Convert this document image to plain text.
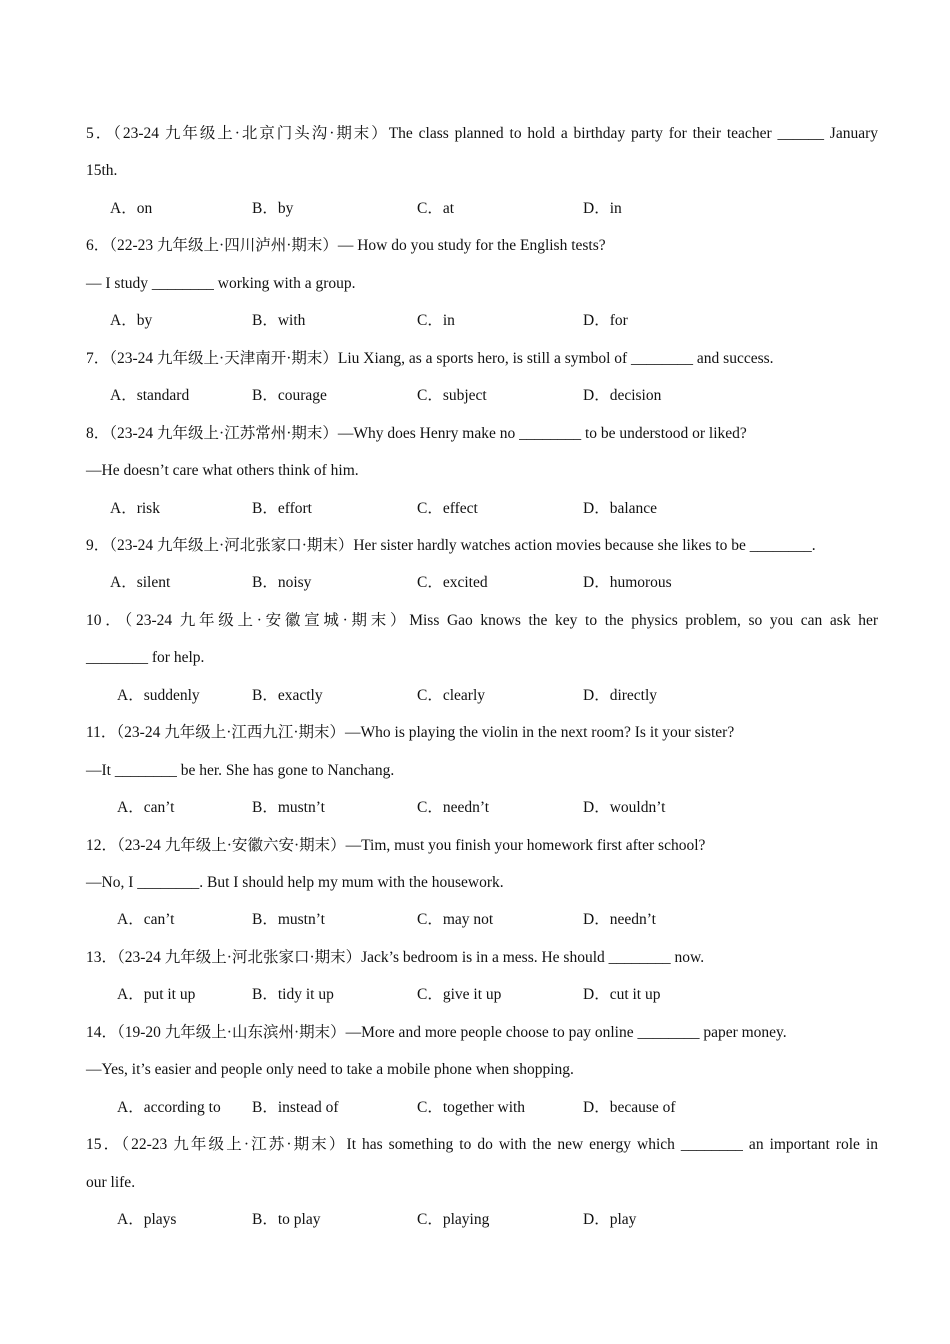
5．（23-24 九年级上·北京门头沟·期末）The class planned to hold a birthday party for their teacher ______ January
15th.
A．on	B．by	C．at	D．in
6．（22-23 九年级上·四川泸州·期末）— How do you study for the English tests?
— I study ________ working with a group.
A．by	B．with	C．in	D．for
7．（23-24 九年级上·天津南开·期末）Liu Xiang, as a sports hero, is still a symbol of ________ and success.
A．standard	B．courage	C．subject	D．decision
8．（23-24 九年级上·江苏常州·期末）—Why does Henry make no ________ to be understood or liked?
—He doesn’t care what others think of him.
A．risk	B．effort	C．effect	D．balance
9．（23-24 九年级上·河北张家口·期末）Her sister hardly watches action movies because she likes to be ________.
A．silent	B．noisy	C．excited	D．humorous
10．（23-24 九年级上·安徽宣城·期末）Miss Gao knows the key to the physics problem, so you can ask her
________ for help.
A．suddenly	B．exactly	C．clearly	D．directly
11．（23-24 九年级上·江西九江·期末）—Who is playing the violin in the next room? Is it your sister?
—It ________ be her. She has gone to Nanchang.
A．can’t	B．mustn’t	C．needn’t	D．wouldn’t
12．（23-24 九年级上·安徽六安·期末）—Tim, must you finish your homework first after school?
—No, I ________. But I should help my mum with the housework.
A．can’t	B．mustn’t	C．may not	D．needn’t
13．（23-24 九年级上·河北张家口·期末）Jack’s bedroom is in a mess. He should ________ now.
A．put it up	B．tidy it up	C．give it up	D．cut it up
14．（19-20 九年级上·山东滨州·期末）—More and more people choose to pay online ________ paper money.
—Yes, it’s easier and people only need to take a mobile phone when shopping.
A．according to B．instead of	C．together with	D．because of
15．（22-23 九年级上·江苏·期末）It has something to do with the new energy which ________ an important role in
our life.
A．plays	B．to play	C．playing	D．play
